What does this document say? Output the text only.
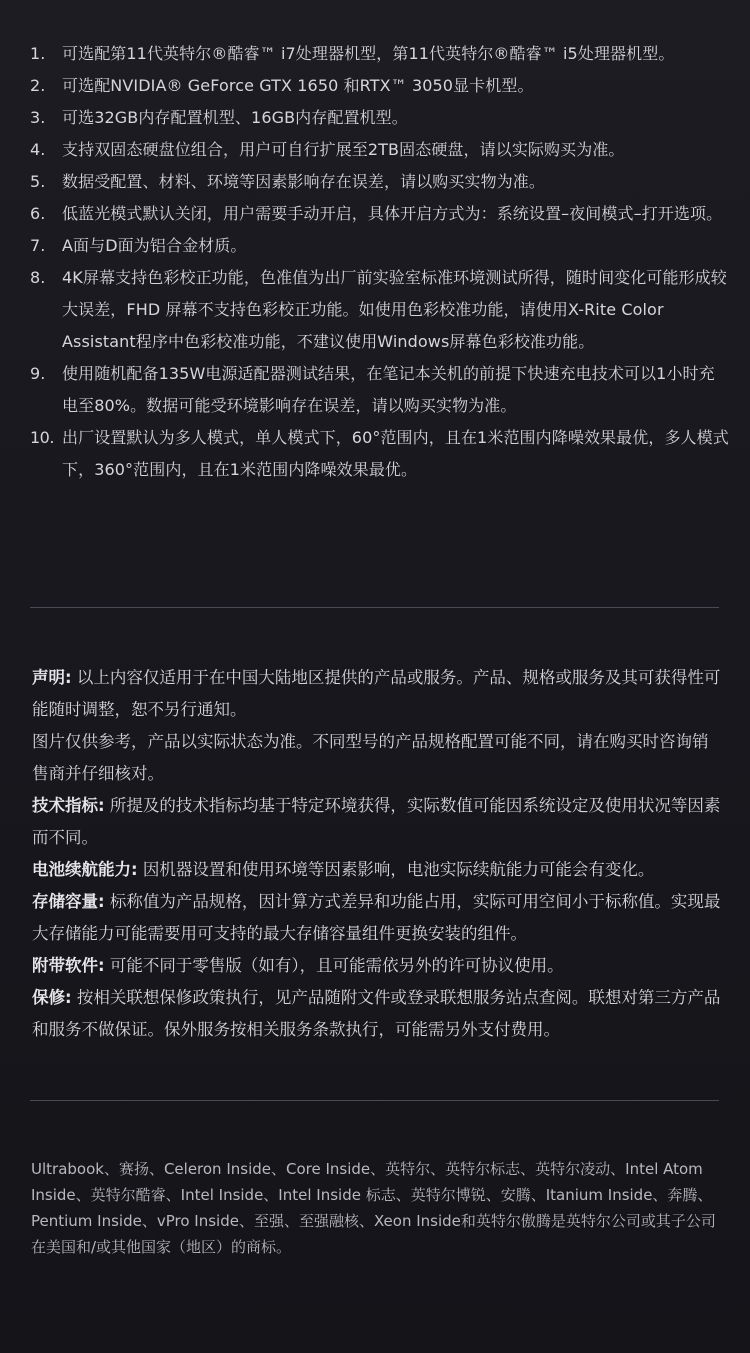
1.	可选配第11代英特尔®酷睿™ i7处理器机型，第11代英特尔®酷睿™ i5处理器机型。
2.	可选配NVIDIA® GeForce GTX 1650 和RTX™ 3050显卡机型。
3.	可选32GB内存配置机型、16GB内存配置机型。
4.	支持双固态硬盘位组合，用户可自行扩展至2TB固态硬盘，请以实际购买为准。
5.	数据受配置、材料、环境等因素影响存在误差，请以购买实物为准。
6.	低蓝光模式默认关闭，用户需要手动开启，具体开启方式为：系统设置–夜间模式–打开选项。
7.	A面与D面为铝合金材质。
8.	4K屏幕支持色彩校正功能，色准值为出厂前实验室标准环境测试所得，随时间变化可能形成较大误差，FHD 屏幕不支持色彩校正功能。如使用色彩校准功能，请使用X-Rite Color Assistant程序中色彩校准功能，不建议使用Windows屏幕色彩校准功能。
9.	使用随机配备135W电源适配器测试结果，在笔记本关机的前提下快速充电技术可以1小时充电至80%。数据可能受环境影响存在误差，请以购买实物为准。
10. 出厂设置默认为多人模式，单人模式下，60°范围内，且在1米范围内降噪效果最优，多人模式下，360°范围内，且在1米范围内降噪效果最优。

声明: 以上内容仅适用于在中国大陆地区提供的产品或服务。产品、规格或服务及其可获得性可能随时调整，恕不另行通知。

图片仅供参考，产品以实际状态为准。不同型号的产品规格配置可能不同，请在购买时咨询销售商并仔细核对。

技术指标: 所提及的技术指标均基于特定环境获得，实际数值可能因系统设定及使用状况等因素而不同。

电池续航能力: 因机器设置和使用环境等因素影响，电池实际续航能力可能会有变化。

存储容量: 标称值为产品规格，因计算方式差异和功能占用，实际可用空间小于标称值。实现最大存储能力可能需要用可支持的最大存储容量组件更换安装的组件。

附带软件: 可能不同于零售版（如有），且可能需依另外的许可协议使用。

保修: 按相关联想保修政策执行，见产品随附文件或登录联想服务站点查阅。联想对第三方产品和服务不做保证。保外服务按相关服务条款执行，可能需另外支付费用。

Ultrabook、赛扬、Celeron Inside、Core Inside、英特尔、英特尔标志、英特尔凌动、Intel Atom Inside、英特尔酷睿、Intel Inside、Intel Inside 标志、英特尔博锐、安腾、Itanium Inside、奔腾、Pentium Inside、vPro Inside、至强、至强融核、Xeon Inside和英特尔傲腾是英特尔公司或其子公司在美国和/或其他国家（地区）的商标。
